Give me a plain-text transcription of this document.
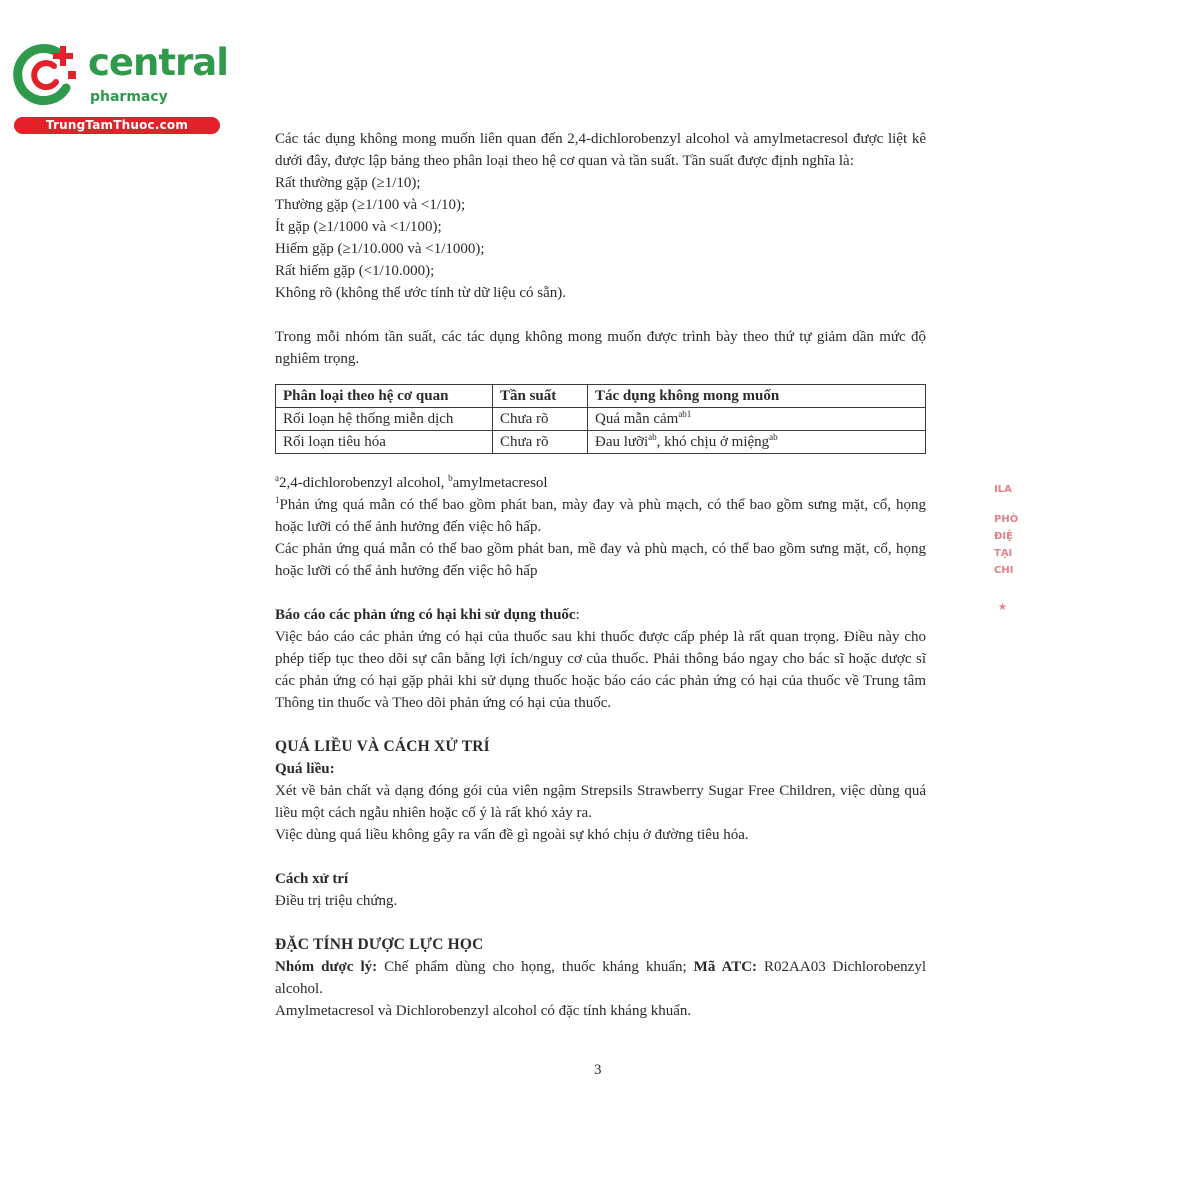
central
pharmacy
TrungTamThuoc.com

Các tác dụng không mong muốn liên quan đến 2,4-dichlorobenzyl alcohol và amylmetacresol được liệt kê dưới đây, được lập bảng theo phân loại theo hệ cơ quan và tần suất. Tần suất được định nghĩa là:

Rất thường gặp (≥1/10);

Thường gặp (≥1/100 và <1/10);

Ít gặp (≥1/1000 và <1/100);

Hiếm gặp (≥1/10.000 và <1/1000);

Rất hiếm gặp (<1/10.000);

Không rõ (không thể ước tính từ dữ liệu có sẵn).

Trong mỗi nhóm tần suất, các tác dụng không mong muốn được trình bày theo thứ tự giảm dần mức độ nghiêm trọng.

Phân loại theo hệ cơ quan	Tần suất	Tác dụng không mong muốn
Rối loạn hệ thống miễn dịch	Chưa rõ	Quá mẫn cảm$^{ab1}$
Rối loạn tiêu hóa	Chưa rõ	Đau lưỡi$^{ab}$, khó chịu ở miệng$^{ab}$

$^a$2,4-dichlorobenzyl alcohol, $^b$amylmetacresol

$^1$Phản ứng quá mẫn có thể bao gồm phát ban, mày đay và phù mạch, có thể bao gồm sưng mặt, cổ, họng hoặc lưỡi có thể ảnh hưởng đến việc hô hấp.

Các phản ứng quá mẫn có thể bao gồm phát ban, mề đay và phù mạch, có thể bao gồm sưng mặt, cổ, họng hoặc lưỡi có thể ảnh hưởng đến việc hô hấp

Báo cáo các phản ứng có hại khi sử dụng thuốc:

Việc báo cáo các phản ứng có hại của thuốc sau khi thuốc được cấp phép là rất quan trọng. Điều này cho phép tiếp tục theo dõi sự cân bằng lợi ích/nguy cơ của thuốc. Phải thông báo ngay cho bác sĩ hoặc dược sĩ các phản ứng có hại gặp phải khi sử dụng thuốc hoặc báo cáo các phản ứng có hại của thuốc về Trung tâm Thông tin thuốc và Theo dõi phản ứng có hại của thuốc.

QUÁ LIỀU VÀ CÁCH XỬ TRÍ

Quá liều:

Xét về bản chất và dạng đóng gói của viên ngậm Strepsils Strawberry Sugar Free Children, việc dùng quá liều một cách ngẫu nhiên hoặc cố ý là rất khó xảy ra.

Việc dùng quá liều không gây ra vấn đề gì ngoài sự khó chịu ở đường tiêu hóa.

Cách xử trí

Điều trị triệu chứng.

ĐẶC TÍNH DƯỢC LỰC HỌC

Nhóm dược lý: Chế phẩm dùng cho họng, thuốc kháng khuẩn; Mã ATC: R02AA03 Dichlorobenzyl alcohol.

Amylmetacresol và Dichlorobenzyl alcohol có đặc tính kháng khuẩn.

3
ILA
PHÒ
ĐIỆ
TẠI
CHI
★
